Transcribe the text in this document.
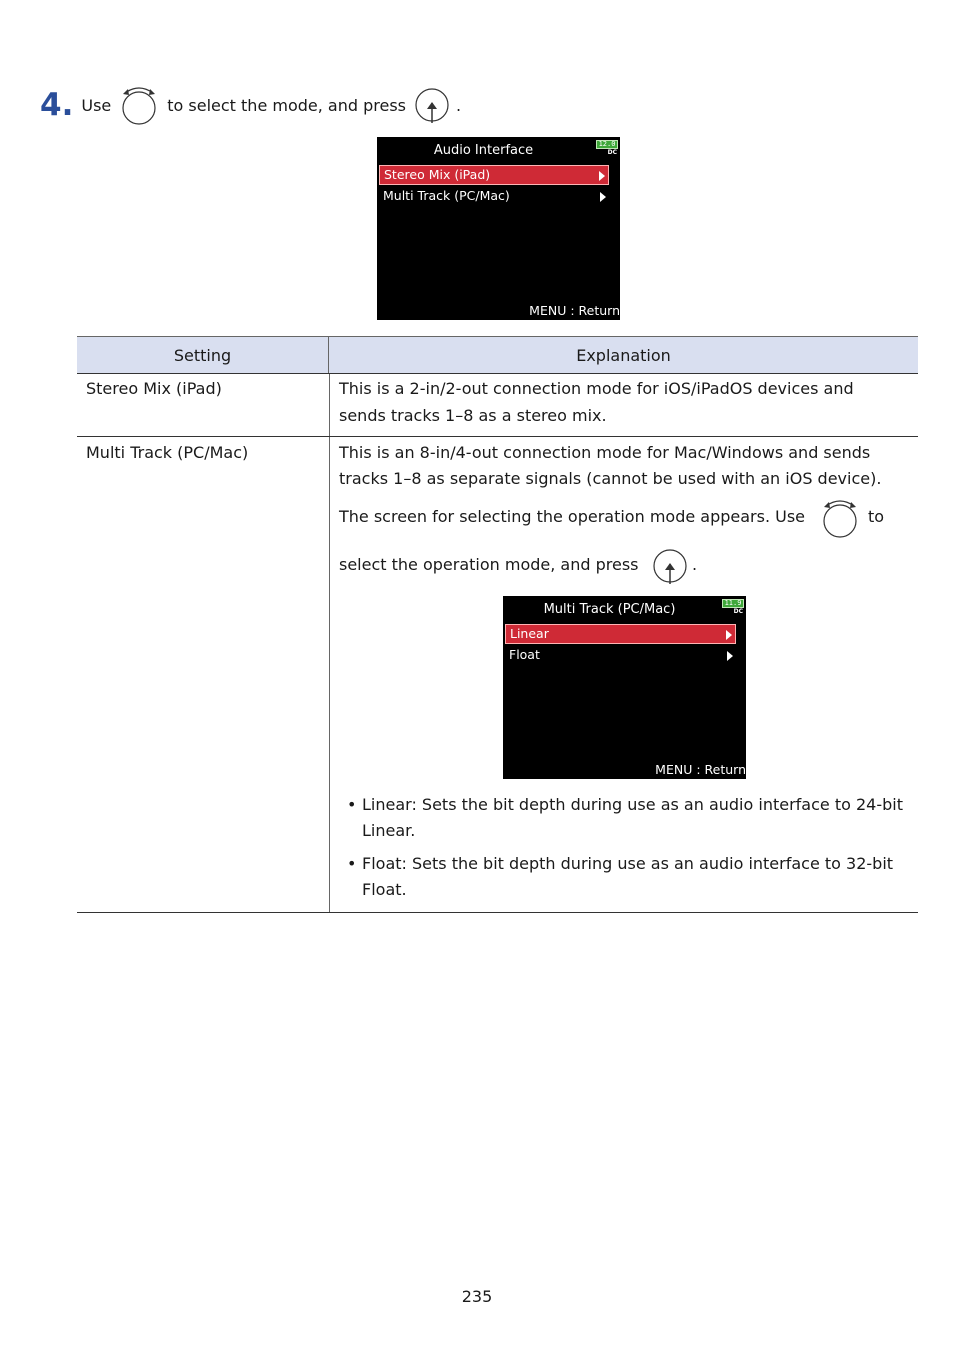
4. Use	to select the mode, and press	.
Audio Interface	12.0
DC
Stereo Mix (iPad)
Multi Track (PC/Mac)
MENU : Return
Setting	Explanation
Stereo Mix (iPad)	This is a 2-in/2-out connection mode for iOS/iPadOS devices and
sends tracks 1–8 as a stereo mix.
Multi Track (PC/Mac)	This is an 8-in/4-out connection mode for Mac/Windows and sends
tracks 1–8 as separate signals (cannot be used with an iOS device).
The screen for selecting the operation mode appears. Use	to
select the operation mode, and press	.
Multi Track (PC/Mac)	11.9
DC
Linear
Float
MENU : Return
• Linear: Sets the bit depth during use as an audio interface to 24-bit
Linear.
• Float: Sets the bit depth during use as an audio interface to 32-bit
Float.
235
